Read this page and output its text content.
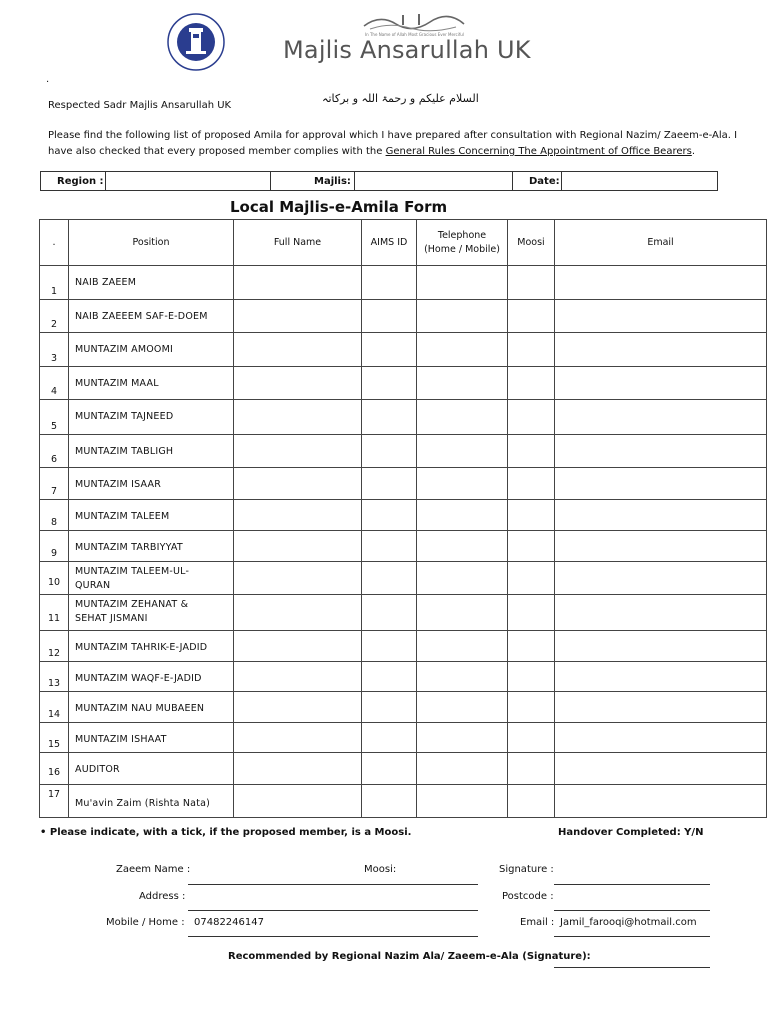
In The Name of Allah Most Gracious Ever Merciful
Majlis Ansarullah UK
.
Respected Sadr Majlis Ansarullah UK
السلام علیکم و رحمۃ اللہ و برکاتہ
Please find the following list of proposed Amila for approval which I have prepared after consultation with Regional Nazim/ Zaeem-e-Ala. I have also checked that every proposed member complies with the General Rules Concerning The Appointment of Office Bearers.
Region :	Majlis:	Date:
Local Majlis-e-Amila Form
.	Position	Full Name	AIMS ID	Telephone (Home / Mobile)	Moosi	Email
1	NAIB ZAEEM					
2	NAIB ZAEEEM SAF-E-DOEM					
3	MUNTAZIM AMOOMI					
4	MUNTAZIM MAAL					
5	MUNTAZIM TAJNEED					
6	MUNTAZIM TABLIGH					
7	MUNTAZIM ISAAR					
8	MUNTAZIM TALEEM					
9	MUNTAZIM TARBIYYAT					
10	MUNTAZIM TALEEM-UL- QURAN					
11	MUNTAZIM ZEHANAT & SEHAT JISMANI					
12	MUNTAZIM TAHRIK-E-JADID					
13	MUNTAZIM WAQF-E-JADID					
14	MUNTAZIM NAU MUBAEEN					
15	MUNTAZIM ISHAAT					
16	AUDITOR					
17	Mu'avin Zaim (Rishta Nata)					
• Please indicate, with a tick, if the proposed member, is a Moosi.	Handover Completed: Y/N
Zaeem Name :	Moosi:	Signature :
Address :	Postcode :
Mobile / Home : 07482246147	Email : Jamil_farooqi@hotmail.com
Recommended by Regional Nazim Ala/ Zaeem-e-Ala (Signature):
